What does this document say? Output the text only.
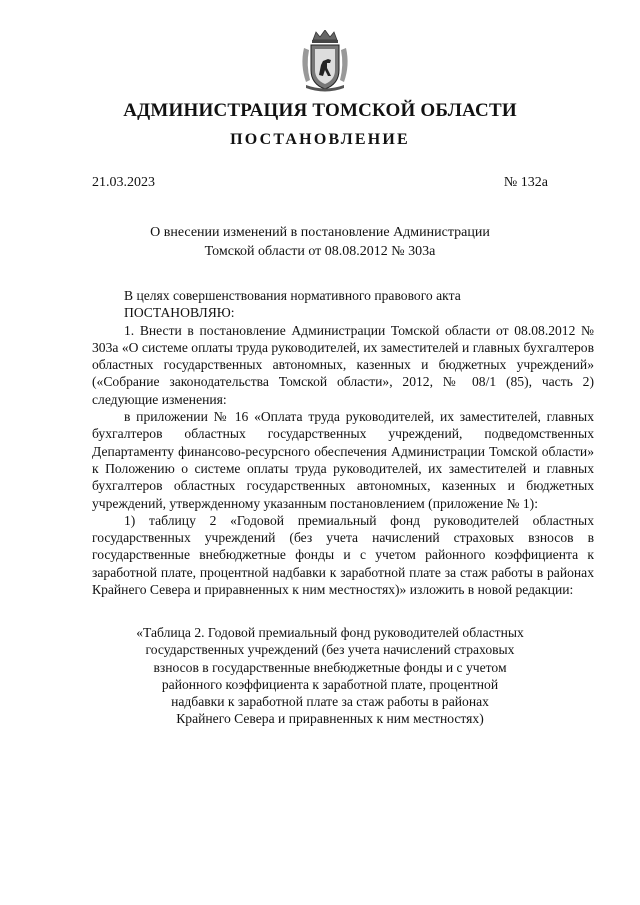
АДМИНИСТРАЦИЯ ТОМСКОЙ ОБЛАСТИ
ПОСТАНОВЛЕНИЕ
21.03.2023	№ 132а
О внесении изменений в постановление Администрации
Томской области от 08.08.2012 № 303а

В целях совершенствования нормативного правового акта

ПОСТАНОВЛЯЮ:

1. Внести в постановление Администрации Томской области от 08.08.2012 № 303а «О системе оплаты труда руководителей, их заместителей и главных бухгалтеров областных государственных автономных, казенных и бюджетных учреждений» («Собрание законодательства Томской области», 2012, № 08/1 (85), часть 2) следующие изменения:

в приложении № 16 «Оплата труда руководителей, их заместителей, главных бухгалтеров областных государственных учреждений, подведомственных Департаменту финансово-ресурсного обеспечения Администрации Томской области» к Положению о системе оплаты труда руководителей, их заместителей и главных бухгалтеров областных государственных автономных, казенных и бюджетных учреждений, утвержденному указанным постановлением (приложение № 1):

1) таблицу 2 «Годовой премиальный фонд руководителей областных государственных учреждений (без учета начислений страховых взносов в государственные внебюджетные фонды и с учетом районного коэффициента к заработной плате, процентной надбавки к заработной плате за стаж работы в районах Крайнего Севера и приравненных к ним местностях)» изложить в новой редакции:

«Таблица 2. Годовой премиальный фонд руководителей областных
государственных учреждений (без учета начислений страховых
взносов в государственные внебюджетные фонды и с учетом
районного коэффициента к заработной плате, процентной
надбавки к заработной плате за стаж работы в районах
Крайнего Севера и приравненных к ним местностях)
